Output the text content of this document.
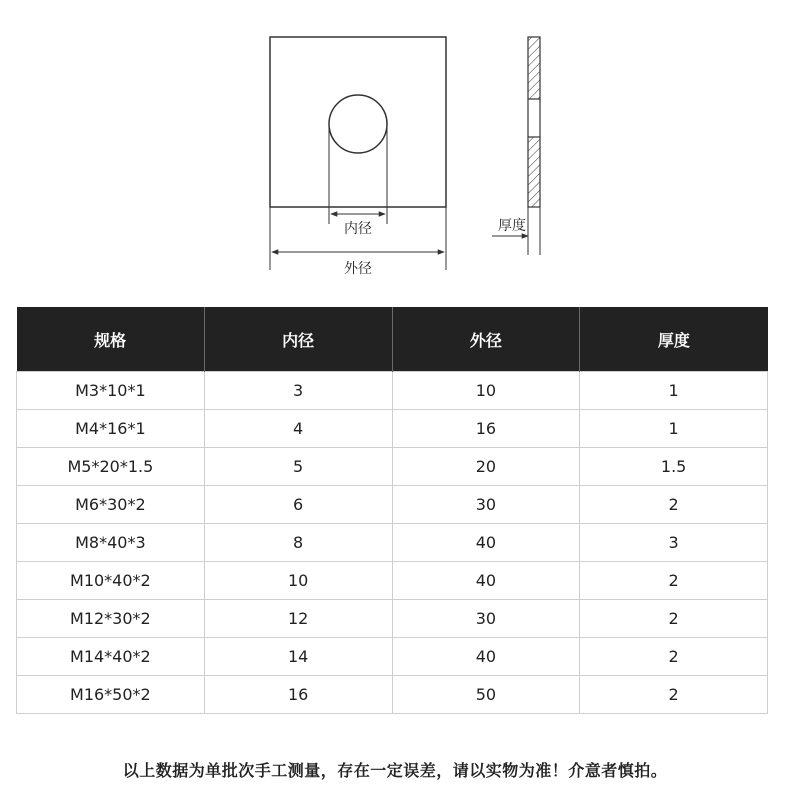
内径
外径
厚度
规格	内径	外径	厚度
M3*10*1	3	10	1
M4*16*1	4	16	1
M5*20*1.5	5	20	1.5
M6*30*2	6	30	2
M8*40*3	8	40	3
M10*40*2	10	40	2
M12*30*2	12	30	2
M14*40*2	14	40	2
M16*50*2	16	50	2
以上数据为单批次手工测量，存在一定误差，请以实物为准！介意者慎拍。
